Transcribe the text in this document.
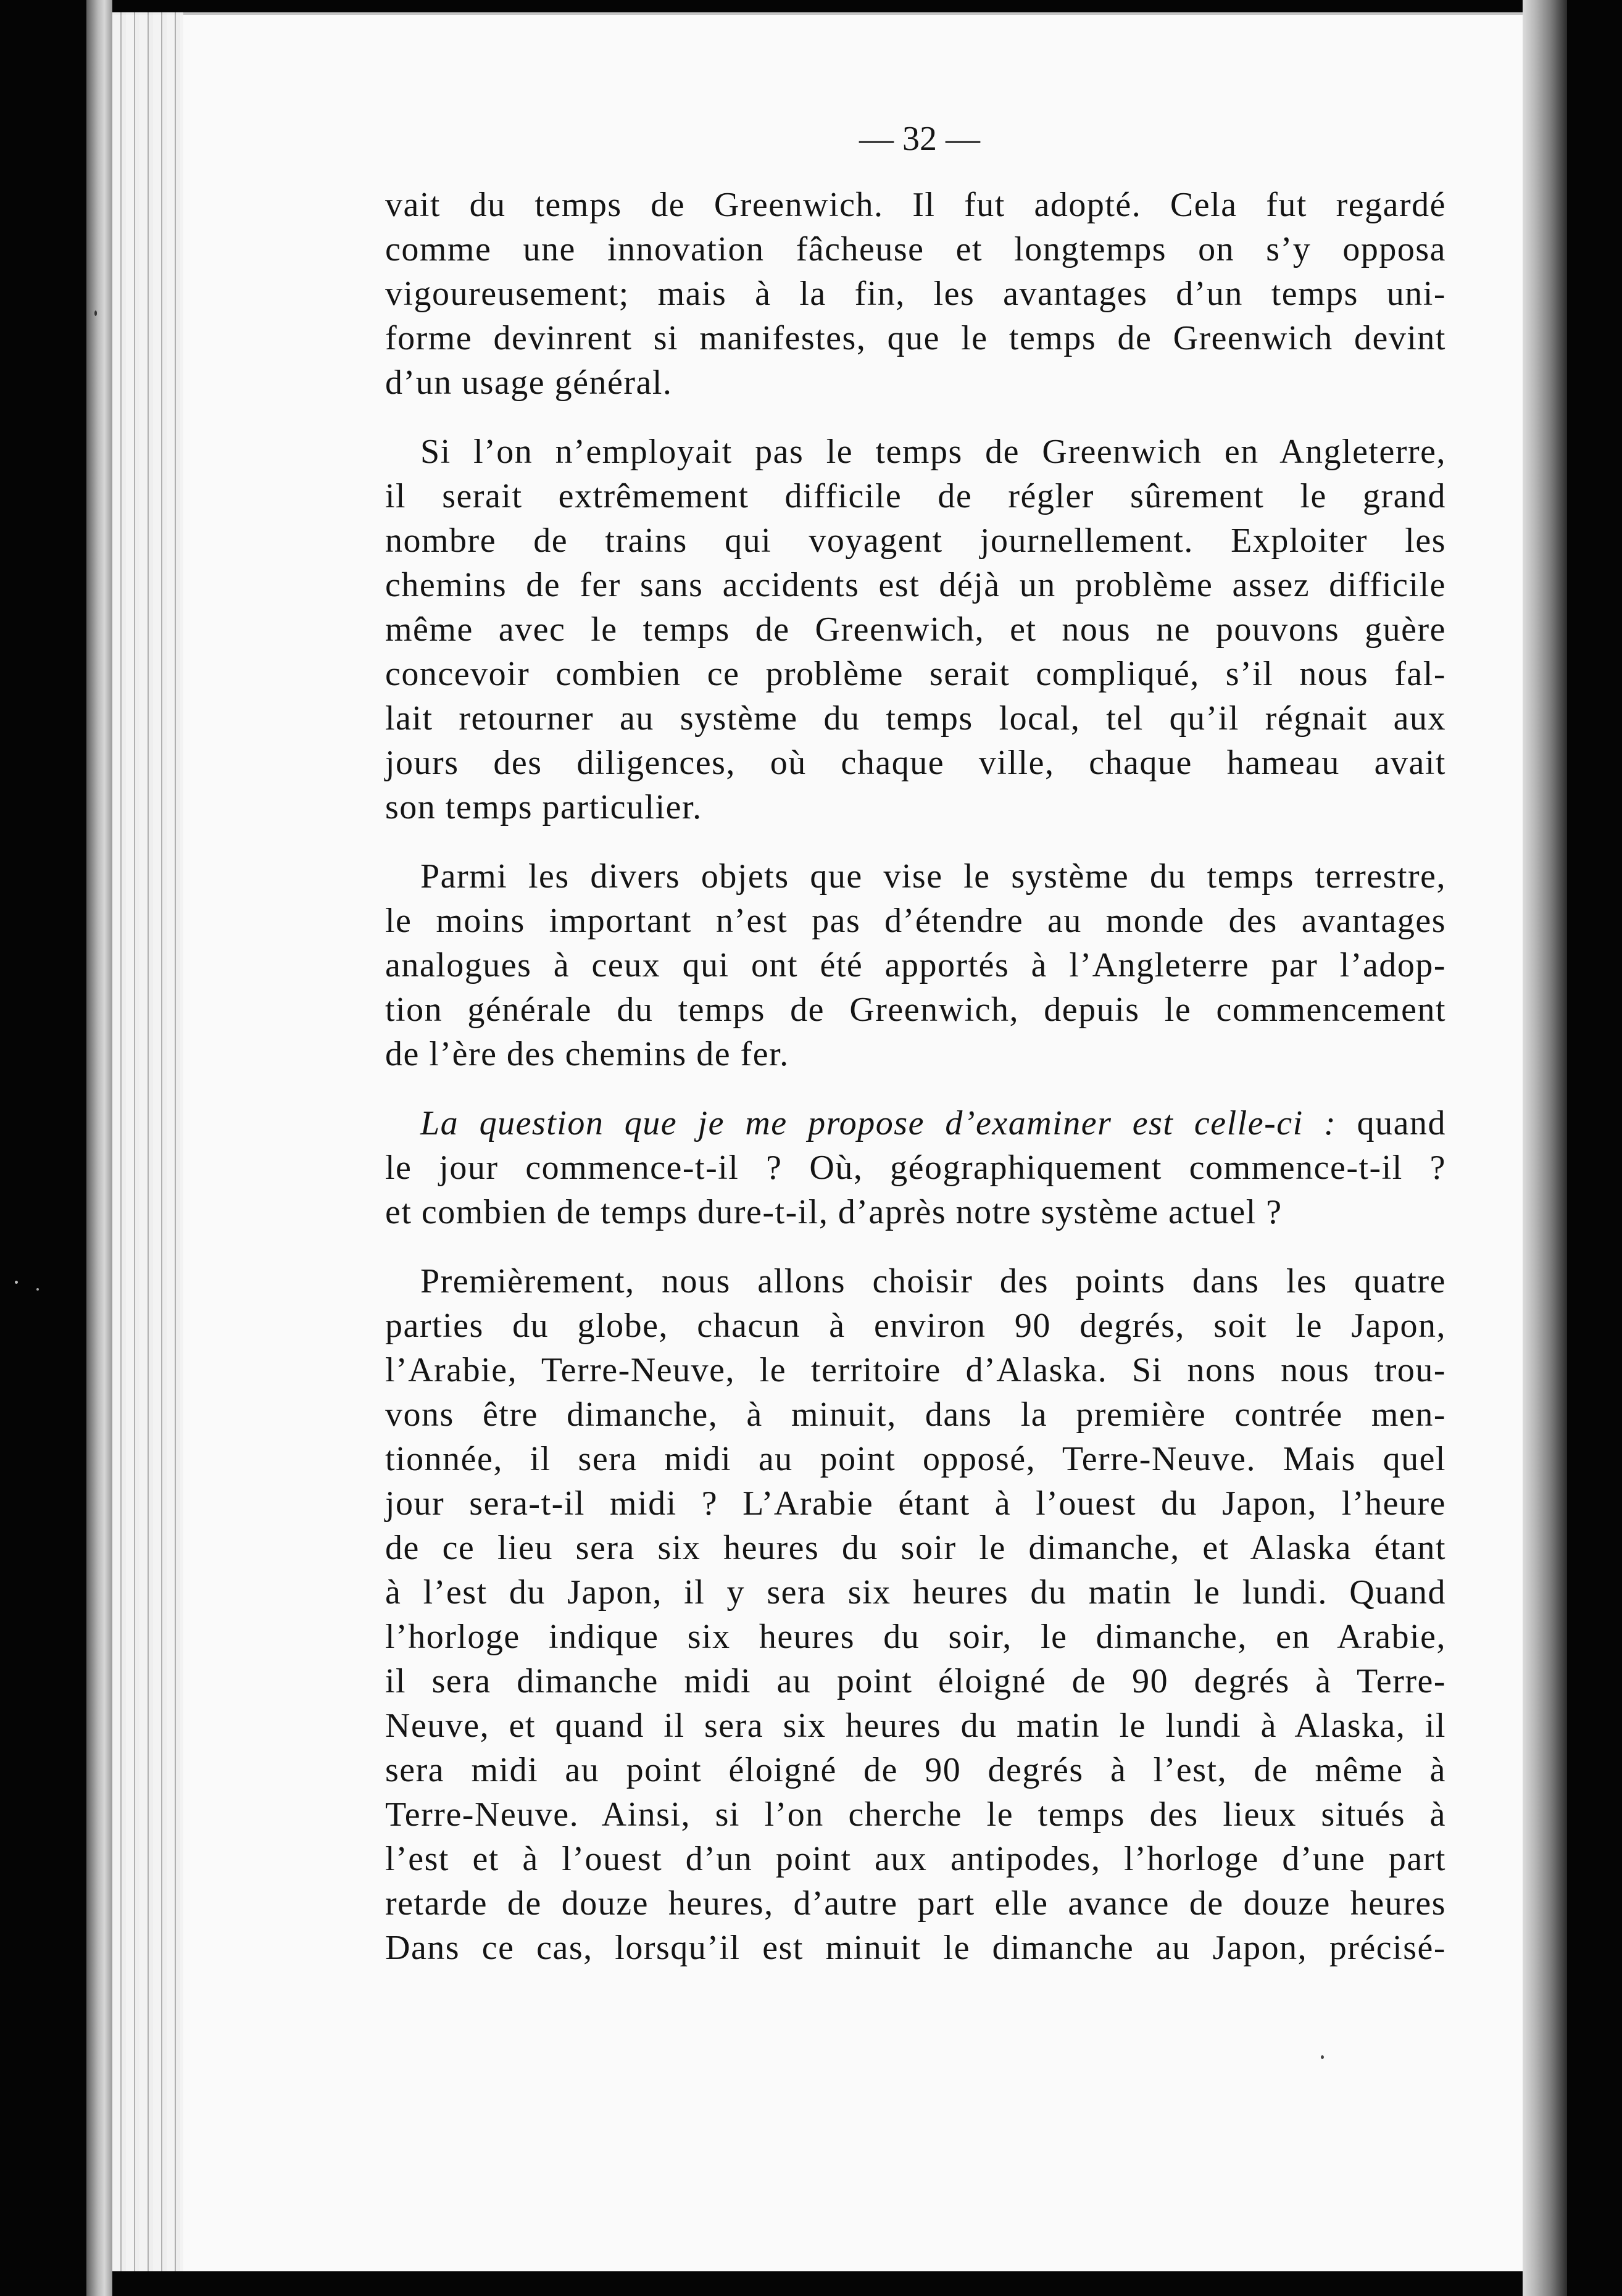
— 32 —
vait du temps de Greenwich. Il fut adopté. Cela fut regardé
comme une innovation fâcheuse et longtemps on s’y opposa
vigoureusement; mais à la fin, les avantages d’un temps uni-
forme devinrent si manifestes, que le temps de Greenwich devint
d’un usage général.
Si l’on n’employait pas le temps de Greenwich en Angleterre,
il serait extrêmement difficile de régler sûrement le grand
nombre de trains qui voyagent journellement. Exploiter les
chemins de fer sans accidents est déjà un problème assez difficile
même avec le temps de Greenwich, et nous ne pouvons guère
concevoir combien ce problème serait compliqué, s’il nous fal-
lait retourner au système du temps local, tel qu’il régnait aux
jours des diligences, où chaque ville, chaque hameau avait
son temps particulier.
Parmi les divers objets que vise le système du temps terrestre,
le moins important n’est pas d’étendre au monde des avantages
analogues à ceux qui ont été apportés à l’Angleterre par l’adop-
tion générale du temps de Greenwich, depuis le commencement
de l’ère des chemins de fer.
La question que je me propose d’examiner est celle-ci : quand
le jour commence-t-il ? Où, géographiquement commence-t-il ?
et combien de temps dure-t-il, d’après notre système actuel ?
Premièrement, nous allons choisir des points dans les quatre
parties du globe, chacun à environ 90 degrés, soit le Japon,
l’Arabie, Terre-Neuve, le territoire d’Alaska. Si nons nous trou-
vons être dimanche, à minuit, dans la première contrée men-
tionnée, il sera midi au point opposé, Terre-Neuve. Mais quel
jour sera-t-il midi ? L’Arabie étant à l’ouest du Japon, l’heure
de ce lieu sera six heures du soir le dimanche, et Alaska étant
à l’est du Japon, il y sera six heures du matin le lundi. Quand
l’horloge indique six heures du soir, le dimanche, en Arabie,
il sera dimanche midi au point éloigné de 90 degrés à Terre-
Neuve, et quand il sera six heures du matin le lundi à Alaska, il
sera midi au point éloigné de 90 degrés à l’est, de même à
Terre-Neuve. Ainsi, si l’on cherche le temps des lieux situés à
l’est et à l’ouest d’un point aux antipodes, l’horloge d’une part
retarde de douze heures, d’autre part elle avance de douze heures
Dans ce cas, lorsqu’il est minuit le dimanche au Japon, précisé-
